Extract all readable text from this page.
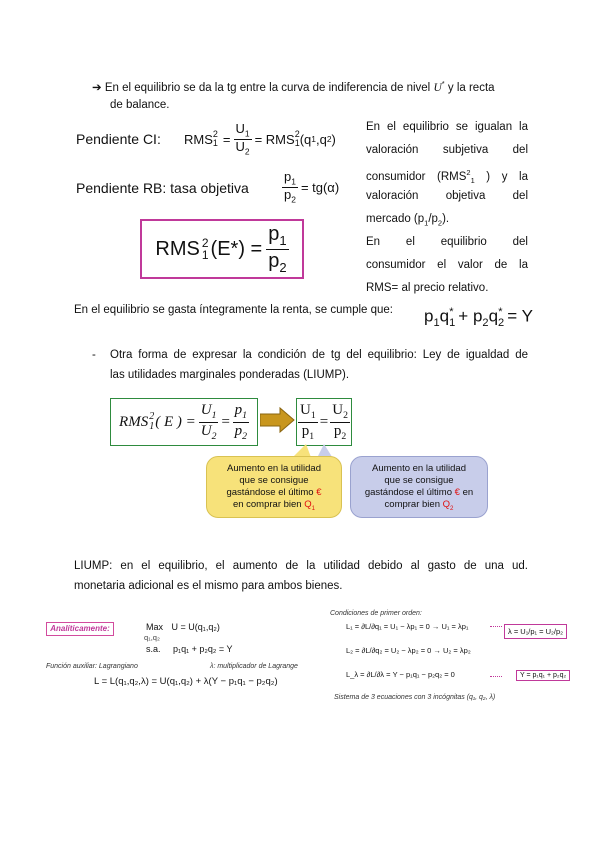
➔ En el equilibrio se da la tg entre la curva de indiferencia de nivel U* y la recta
de balance.
Pendiente CI: RMS 2
$1 = \frac{U_1}{U_2}$ = RMS 2
1 (q 1 ,q 2 )
Pendiente RB: tasa objetiva	$\frac{p_1}{p_2} = tg(\alpha)$
RMS 2
1 $(E*) = \frac{p_1}{p_2}$
En el equilibrio se igualan la
valoración subjetiva del
consumidor ($RMS^2_1$ ) y la
valoración objetiva del
mercado $(p_1/p_2)$.
En el equilibrio del
consumidor el valor de la
RMS= al precio relativo.
En el equilibrio se gasta íntegramente la renta, se cumple que: $p_1q_1^* + p_2q_2^* = Y$
- Otra forma de expresar la condición de tg del equilibrio: Ley de igualdad de
las utilidades marginales ponderadas (LIUMP).
RMS 2
1 ( E ) = $\frac{U_1}{U_2} = \frac{p_1}{p_2}$	$\frac{U_1}{p_1} = \frac{U_2}{p_2}$
Aumento en la utilidad
que se consigue
gastándose el último €
en comprar bien $Q_1$
Aumento en la utilidad
que se consigue
gastándose el último € en
comprar bien $Q_2$
LIUMP: en el equilibrio, el aumento de la utilidad debido al gasto de una ud.
monetaria adicional es el mismo para ambos bienes.
Analíticamente:	Max U = U(q₁,q₂)
q₁,q₂
s.a. p₁q₁ + p₂q₂ = Y
Función auxiliar: Lagrangiano	λ: multiplicador de Lagrange
L = L(q₁,q₂,λ) = U(q₁,q₂) + λ(Y − p₁q₁ − p₂q₂)
Condiciones de primer orden:
L₁ = ∂L/∂q₁ = U₁ − λp₁ = 0 → U₁ = λp₁
L₂ = ∂L/∂q₂ = U₂ − λp₂ = 0 → U₂ = λp₂
L_λ = ∂L/∂λ = Y − p₁q₁ − p₂q₂ = 0
λ = U₁/p₁ = U₂/p₂
Y = p₁q₁ + p₂q₂
Sistema de 3 ecuaciones con 3 incógnitas (q₁, q₂, λ)
